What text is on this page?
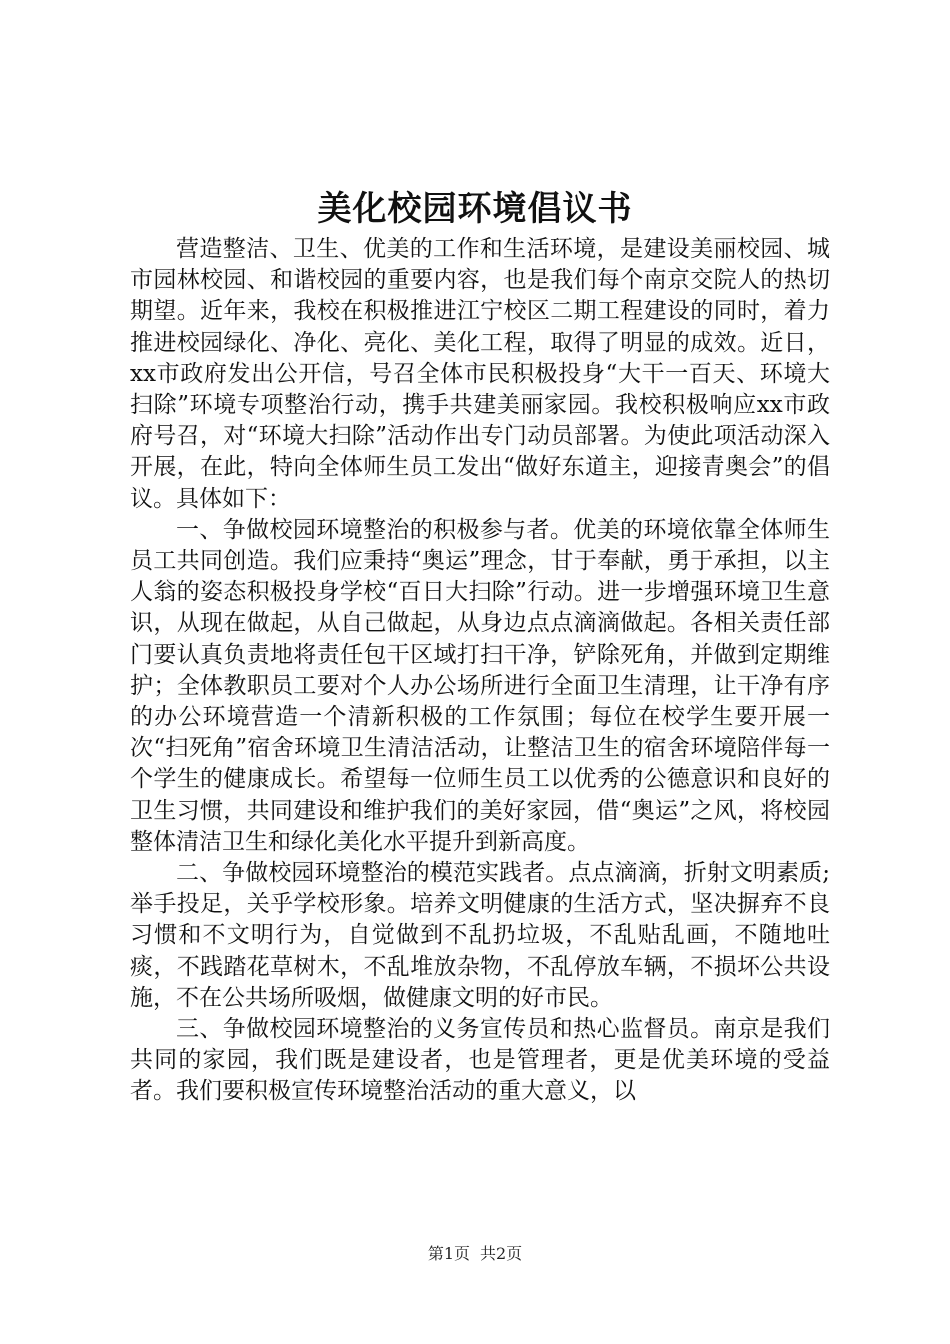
美化校园环境倡议书

营造整洁、卫生、优美的工作和生活环境，是建设美丽校园、城市园林校园、和谐校园的重要内容，也是我们每个南京交院人的热切期望。近年来，我校在积极推进江宁校区二期工程建设的同时，着力推进校园绿化、净化、亮化、美化工程，取得了明显的成效。近日，xx市政府发出公开信，号召全体市民积极投身“大干一百天、环境大扫除”环境专项整治行动，携手共建美丽家园。我校积极响应xx市政府号召，对“环境大扫除”活动作出专门动员部署。为使此项活动深入开展，在此，特向全体师生员工发出“做好东道主，迎接青奥会”的倡议。具体如下：

一、争做校园环境整治的积极参与者。优美的环境依靠全体师生员工共同创造。我们应秉持“奥运”理念，甘于奉献，勇于承担，以主人翁的姿态积极投身学校“百日大扫除”行动。进一步增强环境卫生意识，从现在做起，从自己做起，从身边点点滴滴做起。各相关责任部门要认真负责地将责任包干区域打扫干净，铲除死角，并做到定期维护；全体教职员工要对个人办公场所进行全面卫生清理，让干净有序的办公环境营造一个清新积极的工作氛围；每位在校学生要开展一次“扫死角”宿舍环境卫生清洁活动，让整洁卫生的宿舍环境陪伴每一个学生的健康成长。希望每一位师生员工以优秀的公德意识和良好的卫生习惯，共同建设和维护我们的美好家园，借“奥运”之风，将校园整体清洁卫生和绿化美化水平提升到新高度。

二、争做校园环境整治的模范实践者。点点滴滴，折射文明素质;举手投足，关乎学校形象。培养文明健康的生活方式，坚决摒弃不良习惯和不文明行为，自觉做到不乱扔垃圾，不乱贴乱画，不随地吐痰，不践踏花草树木，不乱堆放杂物，不乱停放车辆，不损坏公共设施，不在公共场所吸烟，做健康文明的好市民。

三、争做校园环境整治的义务宣传员和热心监督员。南京是我们共同的家园，我们既是建设者，也是管理者，更是优美环境的受益者。我们要积极宣传环境整治活动的重大意义，以

第1页 共2页
